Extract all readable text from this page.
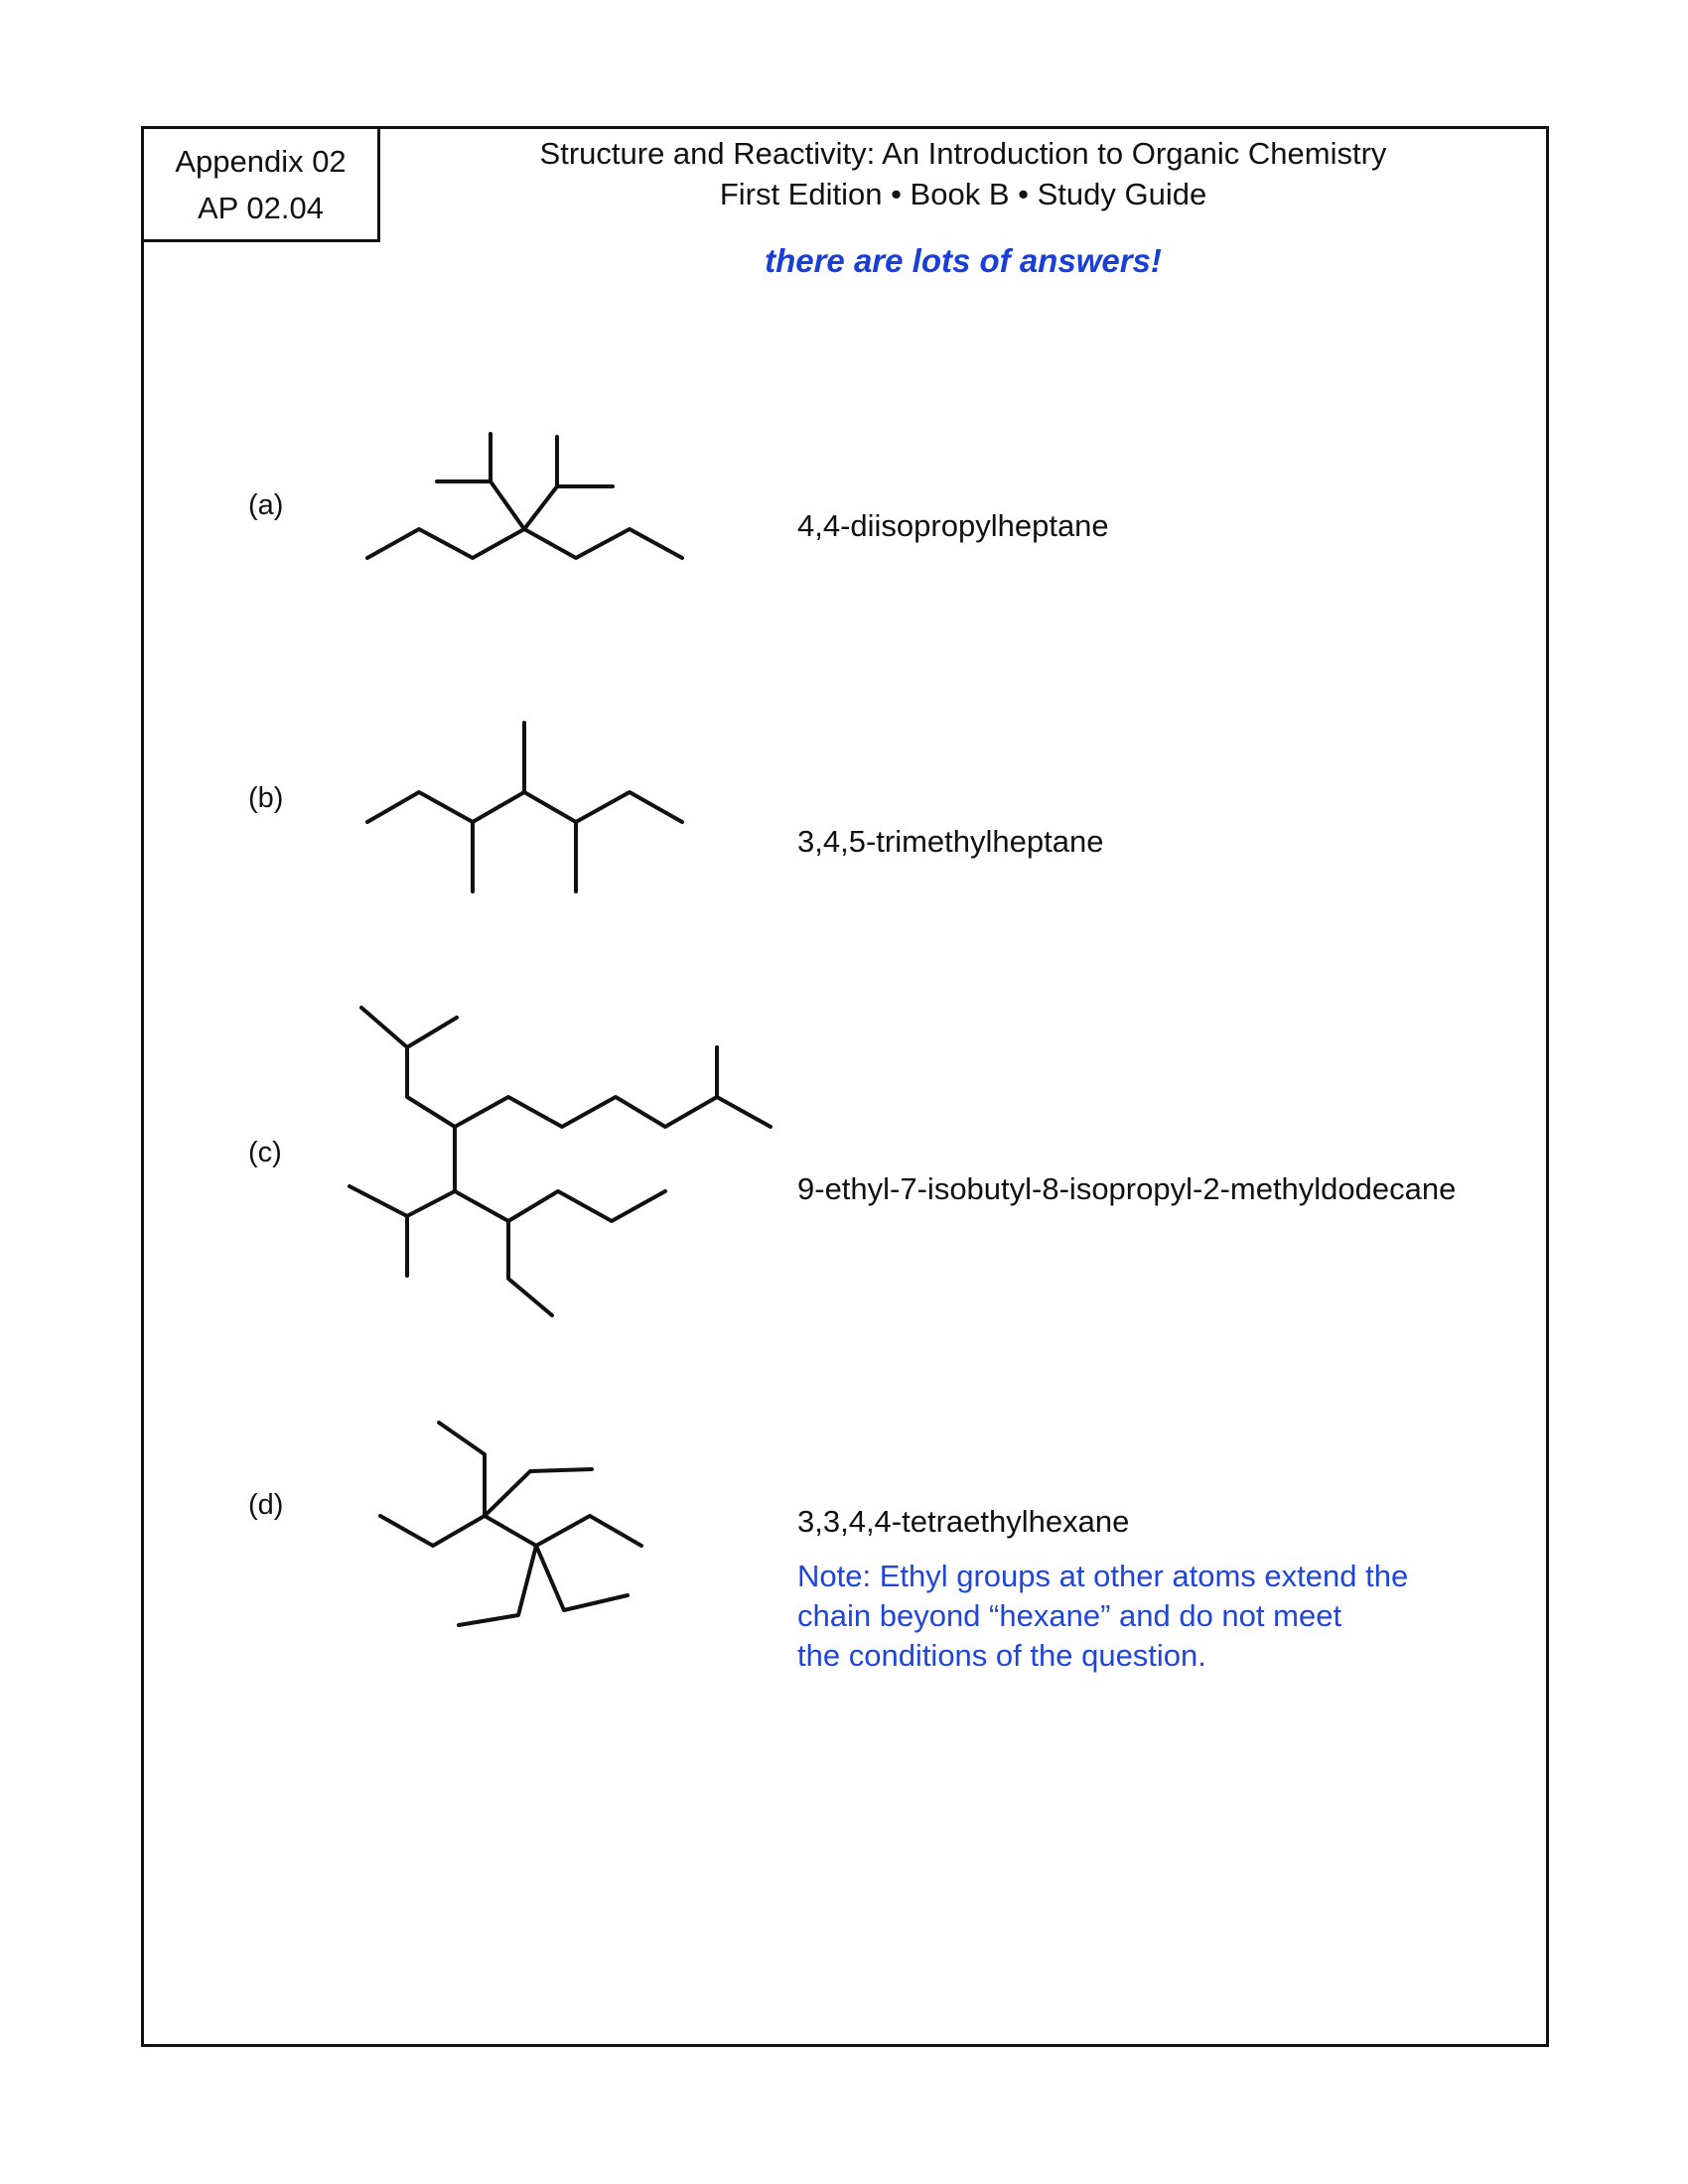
Appendix 02
AP 02.04
Structure and Reactivity: An Introduction to Organic Chemistry
First Edition • Book B • Study Guide
there are lots of answers!
(a)
(b)
(c)
(d)
4,4-diisopropylheptane
3,4,5-trimethylheptane
9-ethyl-7-isobutyl-8-isopropyl-2-methyldodecane
3,3,4,4-tetraethylhexane
Note: Ethyl groups at other atoms extend the
chain beyond “hexane” and do not meet
the conditions of the question.
